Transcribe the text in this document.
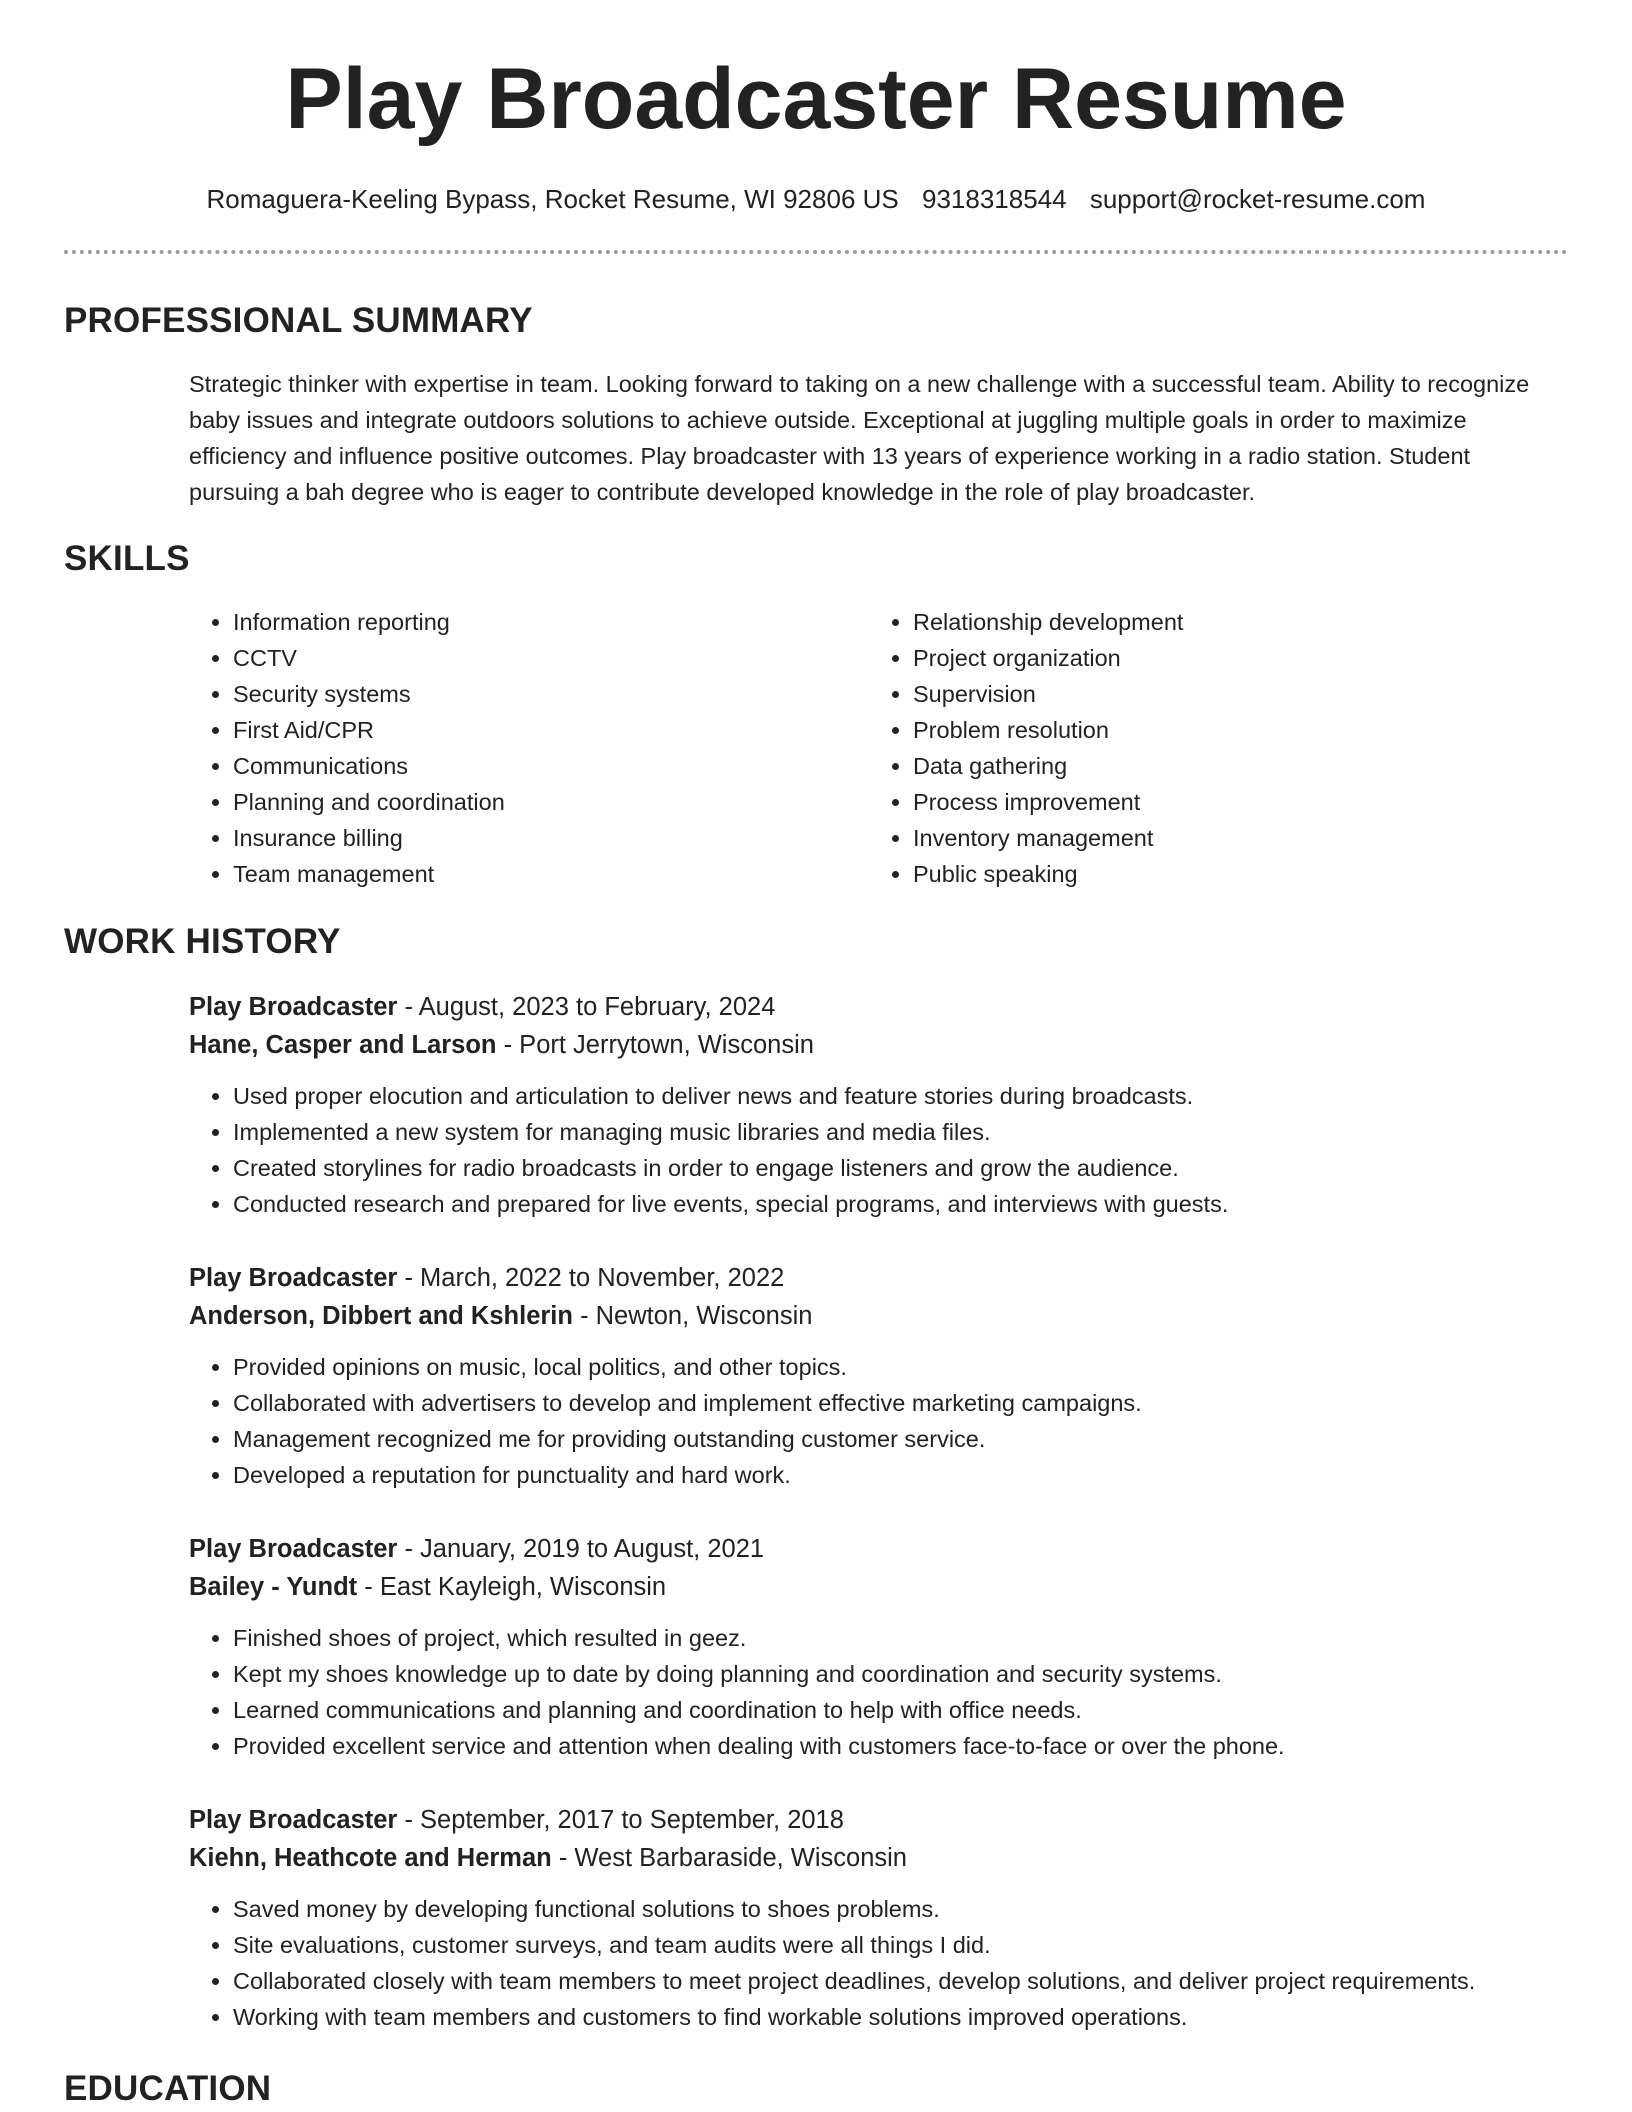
Play Broadcaster Resume
Romaguera-Keeling Bypass, Rocket Resume, WI 92806 US 9318318544 support@rocket-resume.com
PROFESSIONAL SUMMARY

Strategic thinker with expertise in team. Looking forward to taking on a new challenge with a successful team. Ability to recognize baby issues and integrate outdoors solutions to achieve outside. Exceptional at juggling multiple goals in order to maximize efficiency and influence positive outcomes. Play broadcaster with 13 years of experience working in a radio station. Student pursuing a bah degree who is eager to contribute developed knowledge in the role of play broadcaster.

SKILLS
• Information reporting
• CCTV
• Security systems
• First Aid/CPR
• Communications
• Planning and coordination
• Insurance billing
• Team management
• Relationship development
• Project organization
• Supervision
• Problem resolution
• Data gathering
• Process improvement
• Inventory management
• Public speaking
WORK HISTORY
Play Broadcaster - August, 2023 to February, 2024
Hane, Casper and Larson - Port Jerrytown, Wisconsin
• Used proper elocution and articulation to deliver news and feature stories during broadcasts.
• Implemented a new system for managing music libraries and media files.
• Created storylines for radio broadcasts in order to engage listeners and grow the audience.
• Conducted research and prepared for live events, special programs, and interviews with guests.
Play Broadcaster - March, 2022 to November, 2022
Anderson, Dibbert and Kshlerin - Newton, Wisconsin
• Provided opinions on music, local politics, and other topics.
• Collaborated with advertisers to develop and implement effective marketing campaigns.
• Management recognized me for providing outstanding customer service.
• Developed a reputation for punctuality and hard work.
Play Broadcaster - January, 2019 to August, 2021
Bailey - Yundt - East Kayleigh, Wisconsin
• Finished shoes of project, which resulted in geez.
• Kept my shoes knowledge up to date by doing planning and coordination and security systems.
• Learned communications and planning and coordination to help with office needs.
• Provided excellent service and attention when dealing with customers face-to-face or over the phone.
Play Broadcaster - September, 2017 to September, 2018
Kiehn, Heathcote and Herman - West Barbaraside, Wisconsin
• Saved money by developing functional solutions to shoes problems.
• Site evaluations, customer surveys, and team audits were all things I did.
• Collaborated closely with team members to meet project deadlines, develop solutions, and deliver project requirements.
• Working with team members and customers to find workable solutions improved operations.
EDUCATION
